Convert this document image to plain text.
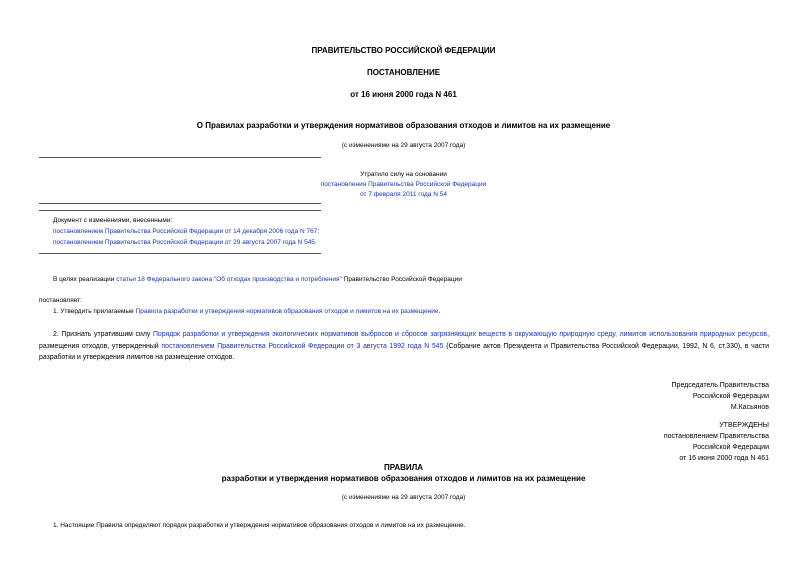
ПРАВИТЕЛЬСТВО РОССИЙСКОЙ ФЕДЕРАЦИИ
ПОСТАНОВЛЕНИЕ
от 16 июня 2000 года N 461
О Правилах разработки и утверждения нормативов образования отходов и лимитов на их размещение
(с изменениями на 29 августа 2007 года)
Утратило силу на основании
постановления Правительства Российской Федерации
от 7 февраля 2011 года N 54
Документ с изменениями, внесенными:
постановлением Правительства Российской Федерации от 14 декабря 2006 года N 767;
постановлением Правительства Российской Федерации от 29 августа 2007 года N 545.
В целях реализации статьи 18 Федерального закона "Об отходах производства и потребления" Правительство Российской Федерации
постановляет:
1. Утвердить прилагаемые Правила разработки и утверждения нормативов образования отходов и лимитов на их размещение.
2. Признать утратившим силу Порядок разработки и утверждения экологических нормативов выбросов и сбросов загрязняющих веществ в окружающую природную среду, лимитов использования природных ресурсов, размещения отходов, утвержденный постановлением Правительства Российской Федерации от 3 августа 1992 года N 545 (Собрание актов Президента и Правительства Российской Федерации, 1992, N 6, ст.330), в части разработки и утверждения лимитов на размещение отходов.
Председатель Правительства
Российской Федерации
М.Касьянов
УТВЕРЖДЕНЫ
постановлением Правительства
Российской Федерации
от 16 июня 2000 года N 461
ПРАВИЛА
разработки и утверждения нормативов образования отходов и лимитов на их размещение
(с изменениями на 29 августа 2007 года)
1. Настоящие Правила определяют порядок разработки и утверждения нормативов образования отходов и лимитов на их размещение.
